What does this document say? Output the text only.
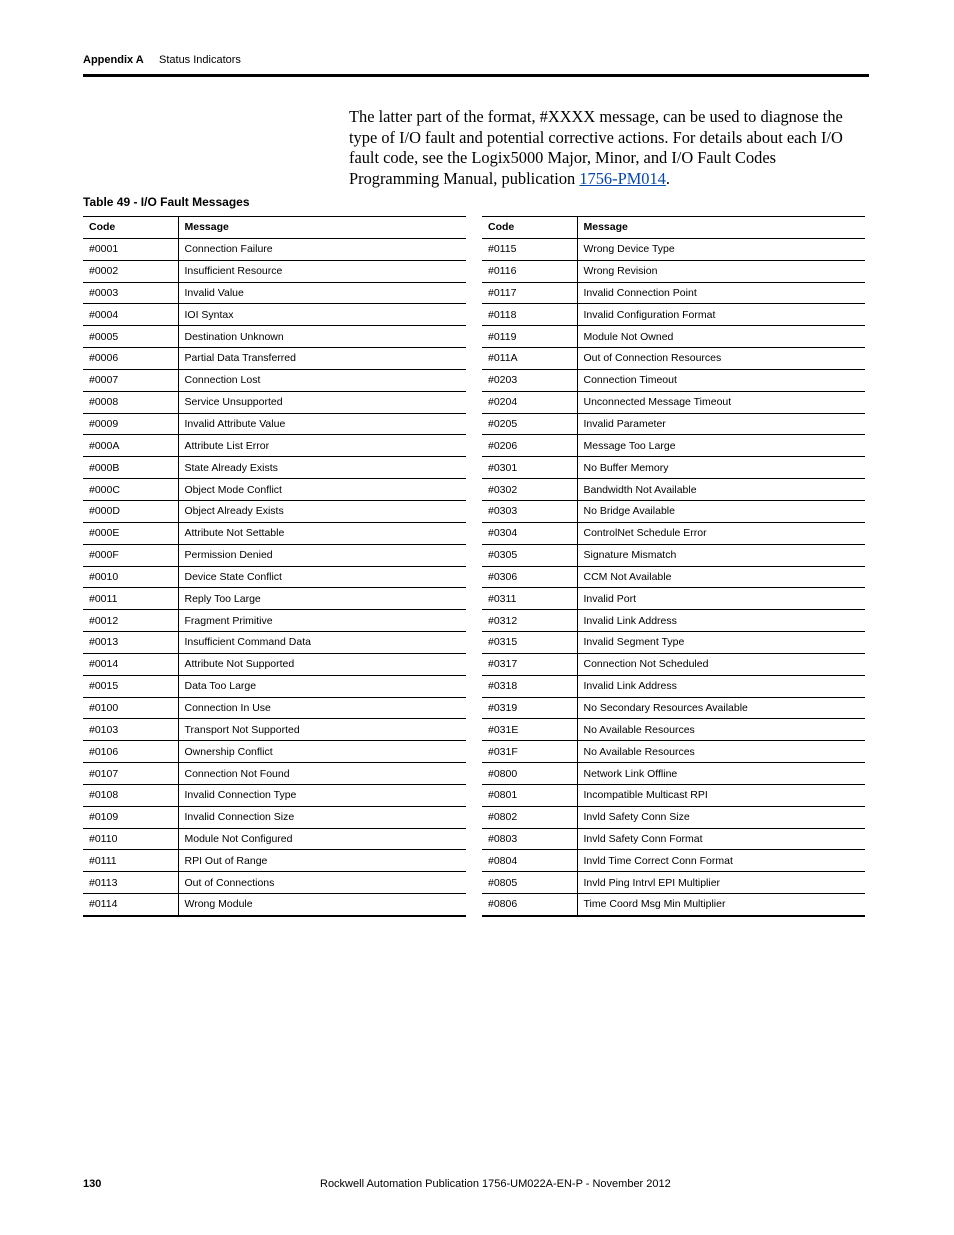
Appendix A Status Indicators

The latter part of the format, #XXXX message, can be used to diagnose the type of I/O fault and potential corrective actions. For details about each I/O fault code, see the Logix5000 Major, Minor, and I/O Fault Codes Programming Manual, publication 1756-PM014.

Table 49 - I/O Fault Messages
Code	Message
#0001	Connection Failure
#0002	Insufficient Resource
#0003	Invalid Value
#0004	IOI Syntax
#0005	Destination Unknown
#0006	Partial Data Transferred
#0007	Connection Lost
#0008	Service Unsupported
#0009	Invalid Attribute Value
#000A	Attribute List Error
#000B	State Already Exists
#000C	Object Mode Conflict
#000D	Object Already Exists
#000E	Attribute Not Settable
#000F	Permission Denied
#0010	Device State Conflict
#0011	Reply Too Large
#0012	Fragment Primitive
#0013	Insufficient Command Data
#0014	Attribute Not Supported
#0015	Data Too Large
#0100	Connection In Use
#0103	Transport Not Supported
#0106	Ownership Conflict
#0107	Connection Not Found
#0108	Invalid Connection Type
#0109	Invalid Connection Size
#0110	Module Not Configured
#0111	RPI Out of Range
#0113	Out of Connections
#0114	Wrong Module
Code	Message
#0115	Wrong Device Type
#0116	Wrong Revision
#0117	Invalid Connection Point
#0118	Invalid Configuration Format
#0119	Module Not Owned
#011A	Out of Connection Resources
#0203	Connection Timeout
#0204	Unconnected Message Timeout
#0205	Invalid Parameter
#0206	Message Too Large
#0301	No Buffer Memory
#0302	Bandwidth Not Available
#0303	No Bridge Available
#0304	ControlNet Schedule Error
#0305	Signature Mismatch
#0306	CCM Not Available
#0311	Invalid Port
#0312	Invalid Link Address
#0315	Invalid Segment Type
#0317	Connection Not Scheduled
#0318	Invalid Link Address
#0319	No Secondary Resources Available
#031E	No Available Resources
#031F	No Available Resources
#0800	Network Link Offline
#0801	Incompatible Multicast RPI
#0802	Invld Safety Conn Size
#0803	Invld Safety Conn Format
#0804	Invld Time Correct Conn Format
#0805	Invld Ping Intrvl EPI Multiplier
#0806	Time Coord Msg Min Multiplier
130	Rockwell Automation Publication 1756-UM022A-EN-P - November 2012
